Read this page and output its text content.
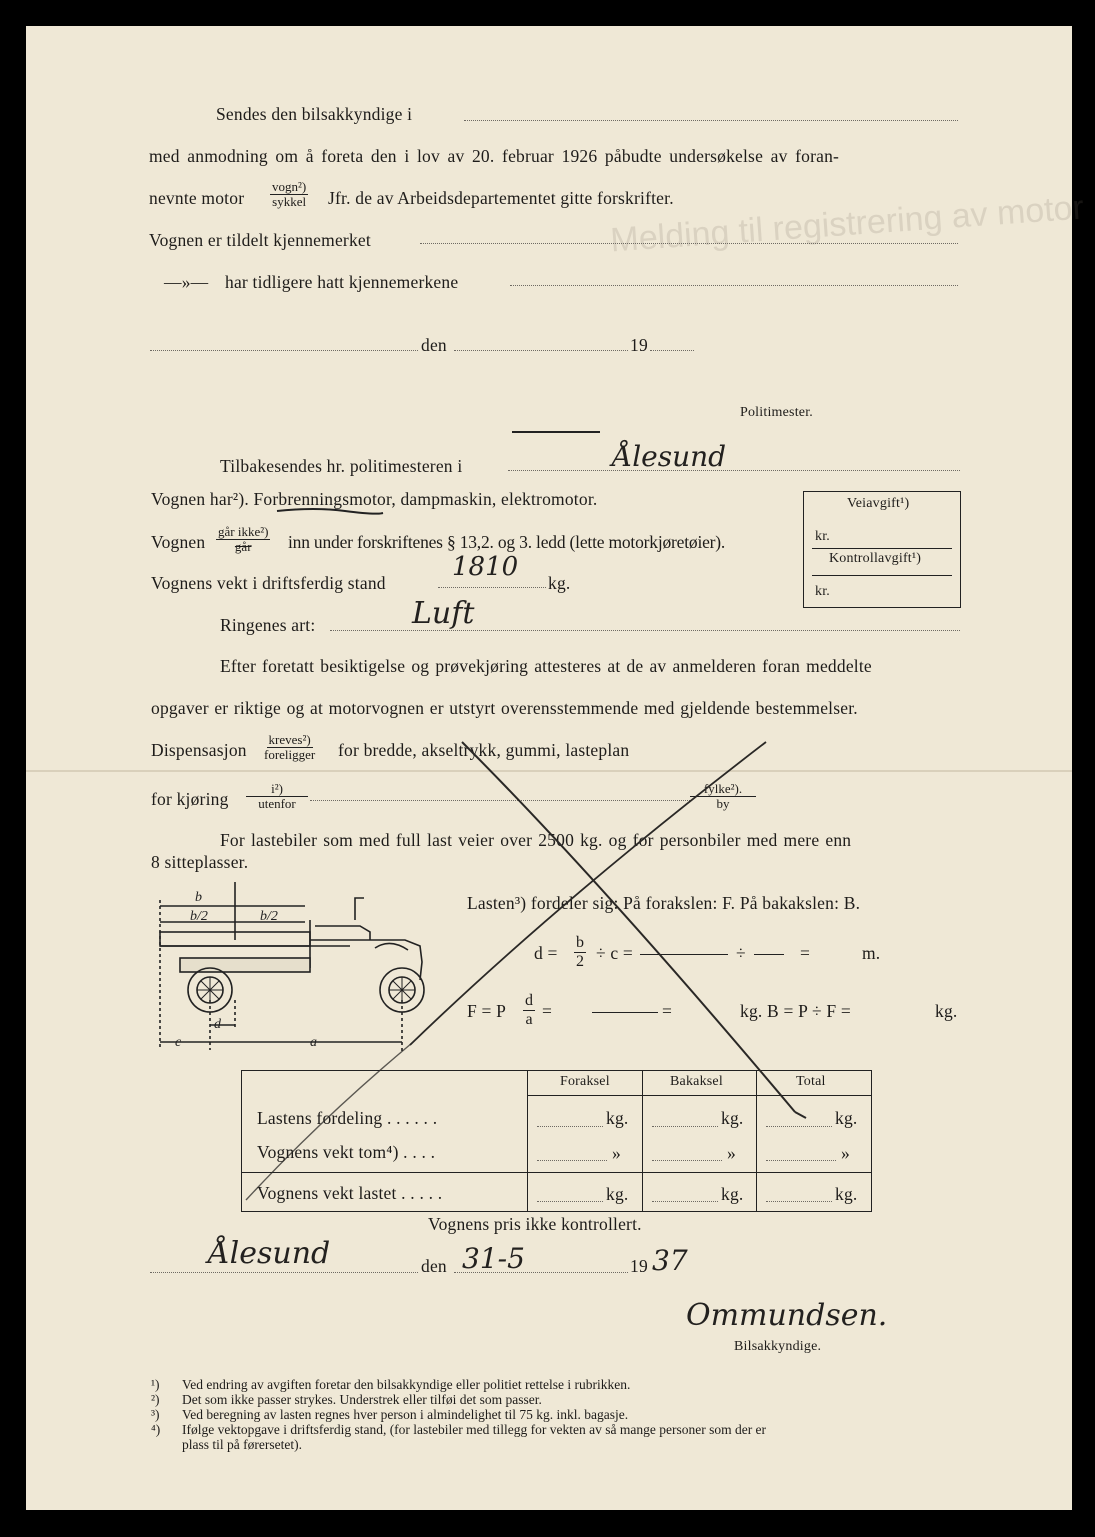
Melding til registrering av motor
Sendes den bilsakkyndige i
med anmodning om å foreta den i lov av 20. februar 1926 påbudte undersøkelse av foran-
nevnte motor
vogn²)
sykkel Jfr. de av Arbeidsdepartementet gitte forskrifter.
Vognen er tildelt kjennemerket
—»— har tidligere hatt kjennemerkene
den	19
Politimester.
Tilbakesendes hr. politimesteren i	Ålesund
Vognen har²). Forbrenningsmotor, dampmaskin, elektromotor.
Vognen
går ikke²)
går inn under forskriftenes § 13,2. og 3. ledd (lette motorkjøretøier).
Vognens vekt i driftsferdig stand
1810
kg.
Ringenes art:	Luft
Veiavgift¹)
kr.
Kontrollavgift¹)
kr.
Efter foretatt besiktigelse og prøvekjøring attesteres at de av anmelderen foran meddelte
opgaver er riktige og at motorvognen er utstyrt overensstemmende med gjeldende bestemmelser.
Dispensasjon
kreves²)
foreligger for bredde, akseltrykk, gummi, lasteplan
for kjøring
i²)
utenfor
fylke²).
by
For lastebiler som med full last veier over 2500 kg. og for personbiler med mere enn
8 sitteplasser.
b
b/2	b/2
d
c	a
Lasten³) fordeler sig: På forakslen: F. På bakakslen: B.
$d = \frac{b}{2} \div c$ =	÷	=	m.
F = P $\frac{d}{a}$ =	=	kg. B = P ÷ F =	kg.
Foraksel	Bakaksel	Total
Lastens fordeling . . . . . .	kg.	kg.	kg.
Vognens vekt tom⁴) . . . .	»	»	»
Vognens vekt lastet . . . . .	kg.	kg.	kg.
Vognens pris ikke kontrollert.
Ålesund	den 31-5	19 37
Ommundsen.
Bilsakkyndige.
¹) Ved endring av avgiften foretar den bilsakkyndige eller politiet rettelse i rubrikken.
²) Det som ikke passer strykes. Understrek eller tilføi det som passer.
³) Ved beregning av lasten regnes hver person i almindelighet til 75 kg. inkl. bagasje.
⁴) Ifølge vektopgave i driftsferdig stand, (for lastebiler med tillegg for vekten av så mange personer som der er
plass til på førersetet).
